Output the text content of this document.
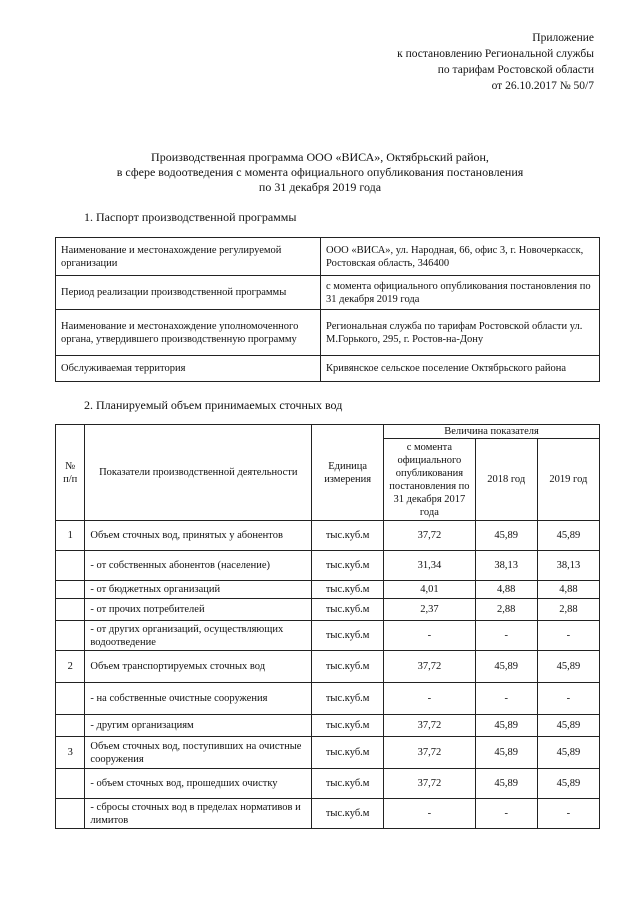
Приложение
к постановлению Региональной службы
по тарифам Ростовской области
от 26.10.2017 № 50/7
Производственная программа ООО «ВИСА», Октябрьский район,
в сфере водоотведения с момента официального опубликования постановления
по 31 декабря 2019 года
1. Паспорт производственной программы
Наименование и местонахождение регулируемой организации	ООО «ВИСА», ул. Народная, 66, офис 3, г. Новочеркасск, Ростовская область, 346400
Период реализации производственной программы	с момента официального опубликования постановления по 31 декабря 2019 года
Наименование и местонахождение уполномоченного органа, утвердившего производственную программу	Региональная служба по тарифам Ростовской области ул. М.Горького, 295, г. Ростов-на-Дону
Обслуживаемая территория	Кривянское сельское поселение Октябрьского района
2. Планируемый объем принимаемых сточных вод
№ п/п	Показатели производственной деятельности	Единица измерения	Величина показателя		
			с момента официального опубликования постановления по 31 декабря 2017 года	2018 год	2019 год
1	Объем сточных вод, принятых у абонентов	тыс.куб.м	37,72	45,89	45,89
	- от собственных абонентов (население)	тыс.куб.м	31,34	38,13	38,13
	- от бюджетных организаций	тыс.куб.м	4,01	4,88	4,88
	- от прочих потребителей	тыс.куб.м	2,37	2,88	2,88
	- от других организаций, осуществляющих водоотведение	тыс.куб.м	-	-	-
2	Объем транспортируемых сточных вод	тыс.куб.м	37,72	45,89	45,89
	- на собственные очистные сооружения	тыс.куб.м	-	-	-
	- другим организациям	тыс.куб.м	37,72	45,89	45,89
3	Объем сточных вод, поступивших на очистные сооружения	тыс.куб.м	37,72	45,89	45,89
	- объем сточных вод, прошедших очистку	тыс.куб.м	37,72	45,89	45,89
	- сбросы сточных вод в пределах нормативов и лимитов	тыс.куб.м	-	-	-
